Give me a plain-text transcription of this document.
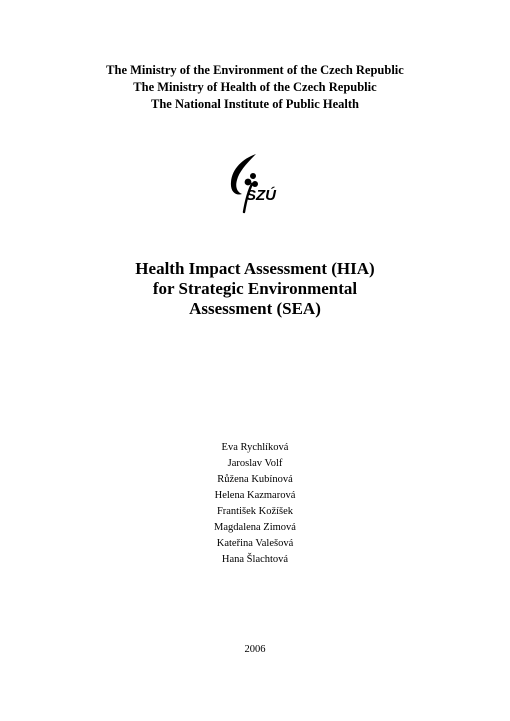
The Ministry of the Environment of the Czech Republic
The Ministry of Health of the Czech Republic
The National Institute of Public Health
SZÚ
Health Impact Assessment (HIA)
for Strategic Environmental
Assessment (SEA)
Eva Rychlíková
Jaroslav Volf
Růžena Kubínová
Helena Kazmarová
František Kožíšek
Magdalena Zimová
Kateřina Valešová
Hana Šlachtová
2006
